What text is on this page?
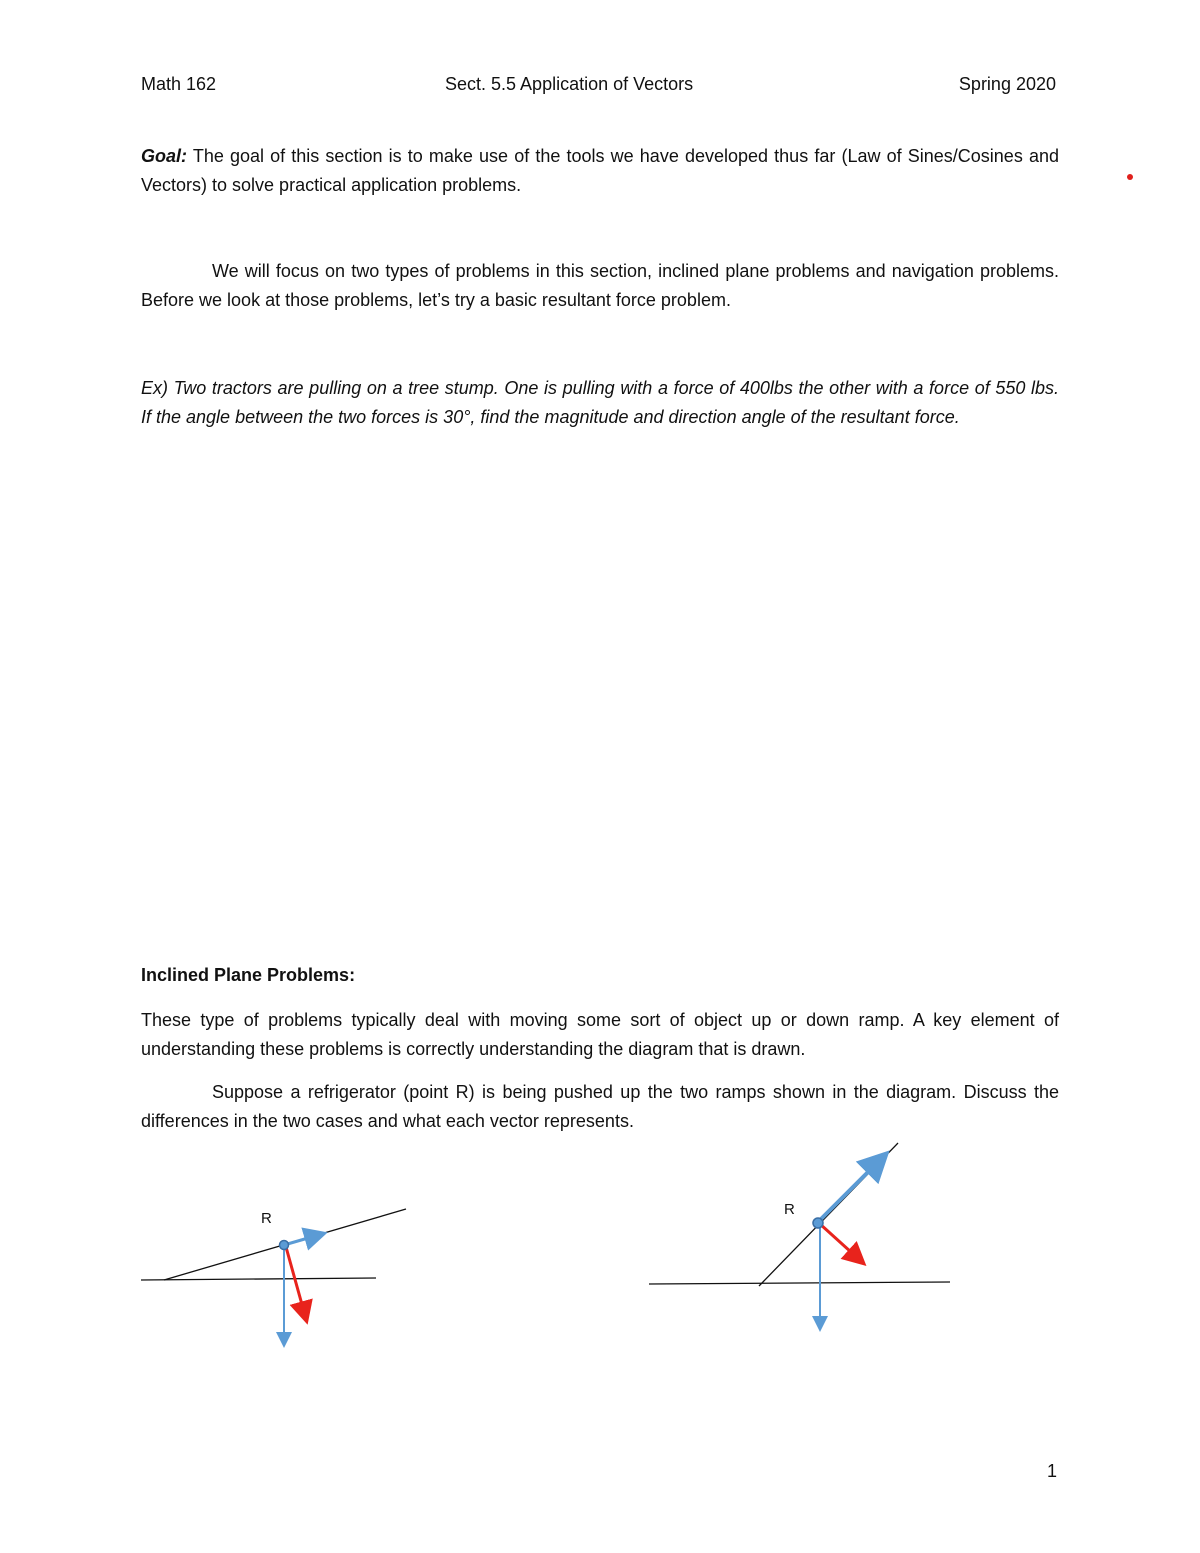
Math 162	Sect. 5.5 Application of Vectors	Spring 2020
Goal: The goal of this section is to make use of the tools we have developed thus far (Law of Sines/Cosines and Vectors) to solve practical application problems.
We will focus on two types of problems in this section, inclined plane problems and navigation problems. Before we look at those problems, let’s try a basic resultant force problem.
Ex) Two tractors are pulling on a tree stump. One is pulling with a force of 400lbs the other with a force of 550 lbs. If the angle between the two forces is 30°, find the magnitude and direction angle of the resultant force.
Inclined Plane Problems:
These type of problems typically deal with moving some sort of object up or down ramp. A key element of understanding these problems is correctly understanding the diagram that is drawn.
Suppose a refrigerator (point R) is being pushed up the two ramps shown in the diagram. Discuss the differences in the two cases and what each vector represents.
R
R
1
